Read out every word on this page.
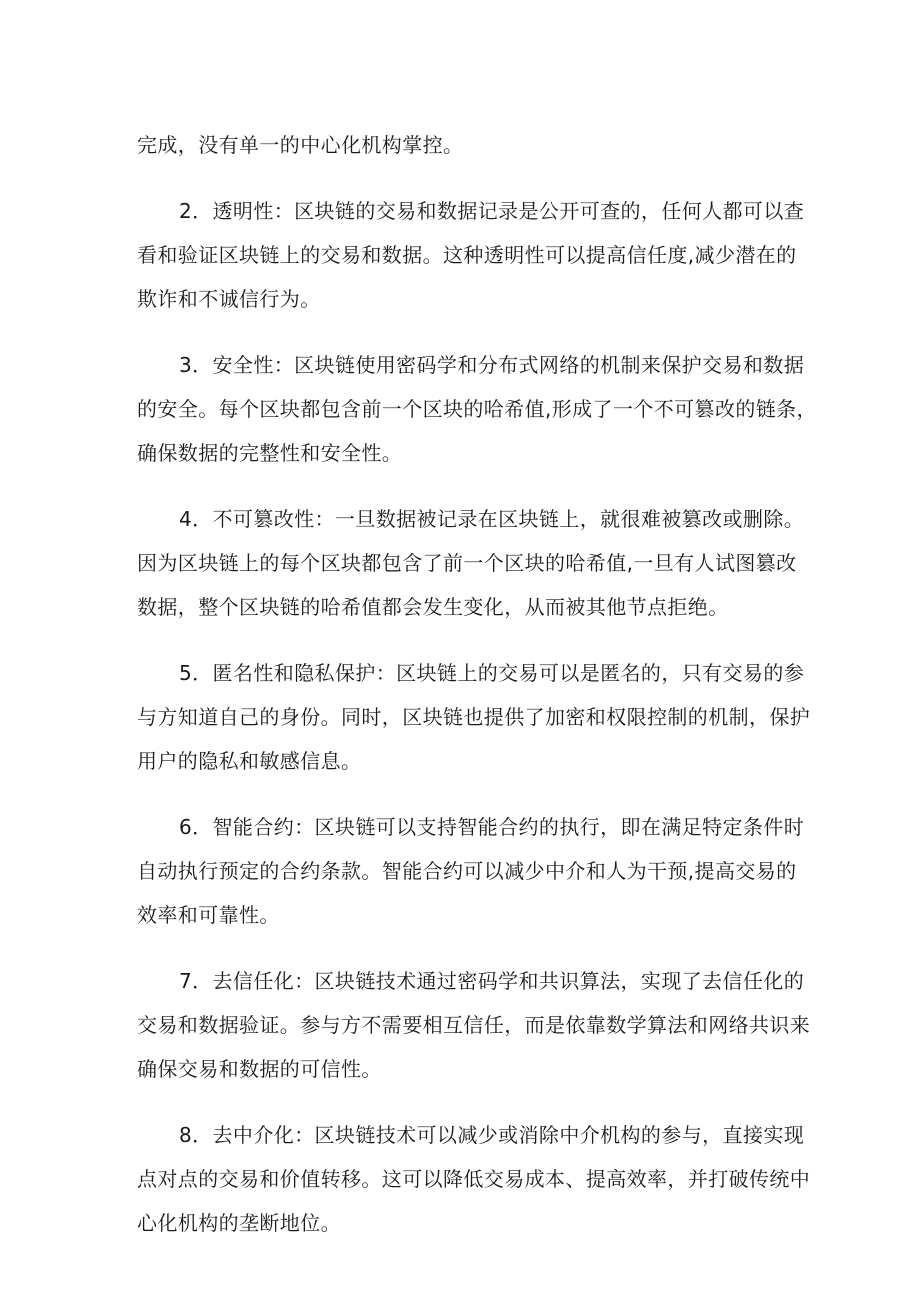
完成，没有单一的中心化机构掌控。
2．透明性：区块链的交易和数据记录是公开可查的，任何人都可以查
看和验证区块链上的交易和数据。这种透明性可以提高信任度,减少潜在的
欺诈和不诚信行为。
3．安全性：区块链使用密码学和分布式网络的机制来保护交易和数据
的安全。每个区块都包含前一个区块的哈希值,形成了一个不可篡改的链条，
确保数据的完整性和安全性。
4．不可篡改性：一旦数据被记录在区块链上，就很难被篡改或删除。
因为区块链上的每个区块都包含了前一个区块的哈希值,一旦有人试图篡改
数据，整个区块链的哈希值都会发生变化，从而被其他节点拒绝。
5．匿名性和隐私保护：区块链上的交易可以是匿名的，只有交易的参
与方知道自己的身份。同时，区块链也提供了加密和权限控制的机制，保护
用户的隐私和敏感信息。
6．智能合约：区块链可以支持智能合约的执行，即在满足特定条件时
自动执行预定的合约条款。智能合约可以减少中介和人为干预,提高交易的
效率和可靠性。
7．去信任化：区块链技术通过密码学和共识算法，实现了去信任化的
交易和数据验证。参与方不需要相互信任，而是依靠数学算法和网络共识来
确保交易和数据的可信性。
8．去中介化：区块链技术可以减少或消除中介机构的参与，直接实现
点对点的交易和价值转移。这可以降低交易成本、提高效率，并打破传统中
心化机构的垄断地位。
